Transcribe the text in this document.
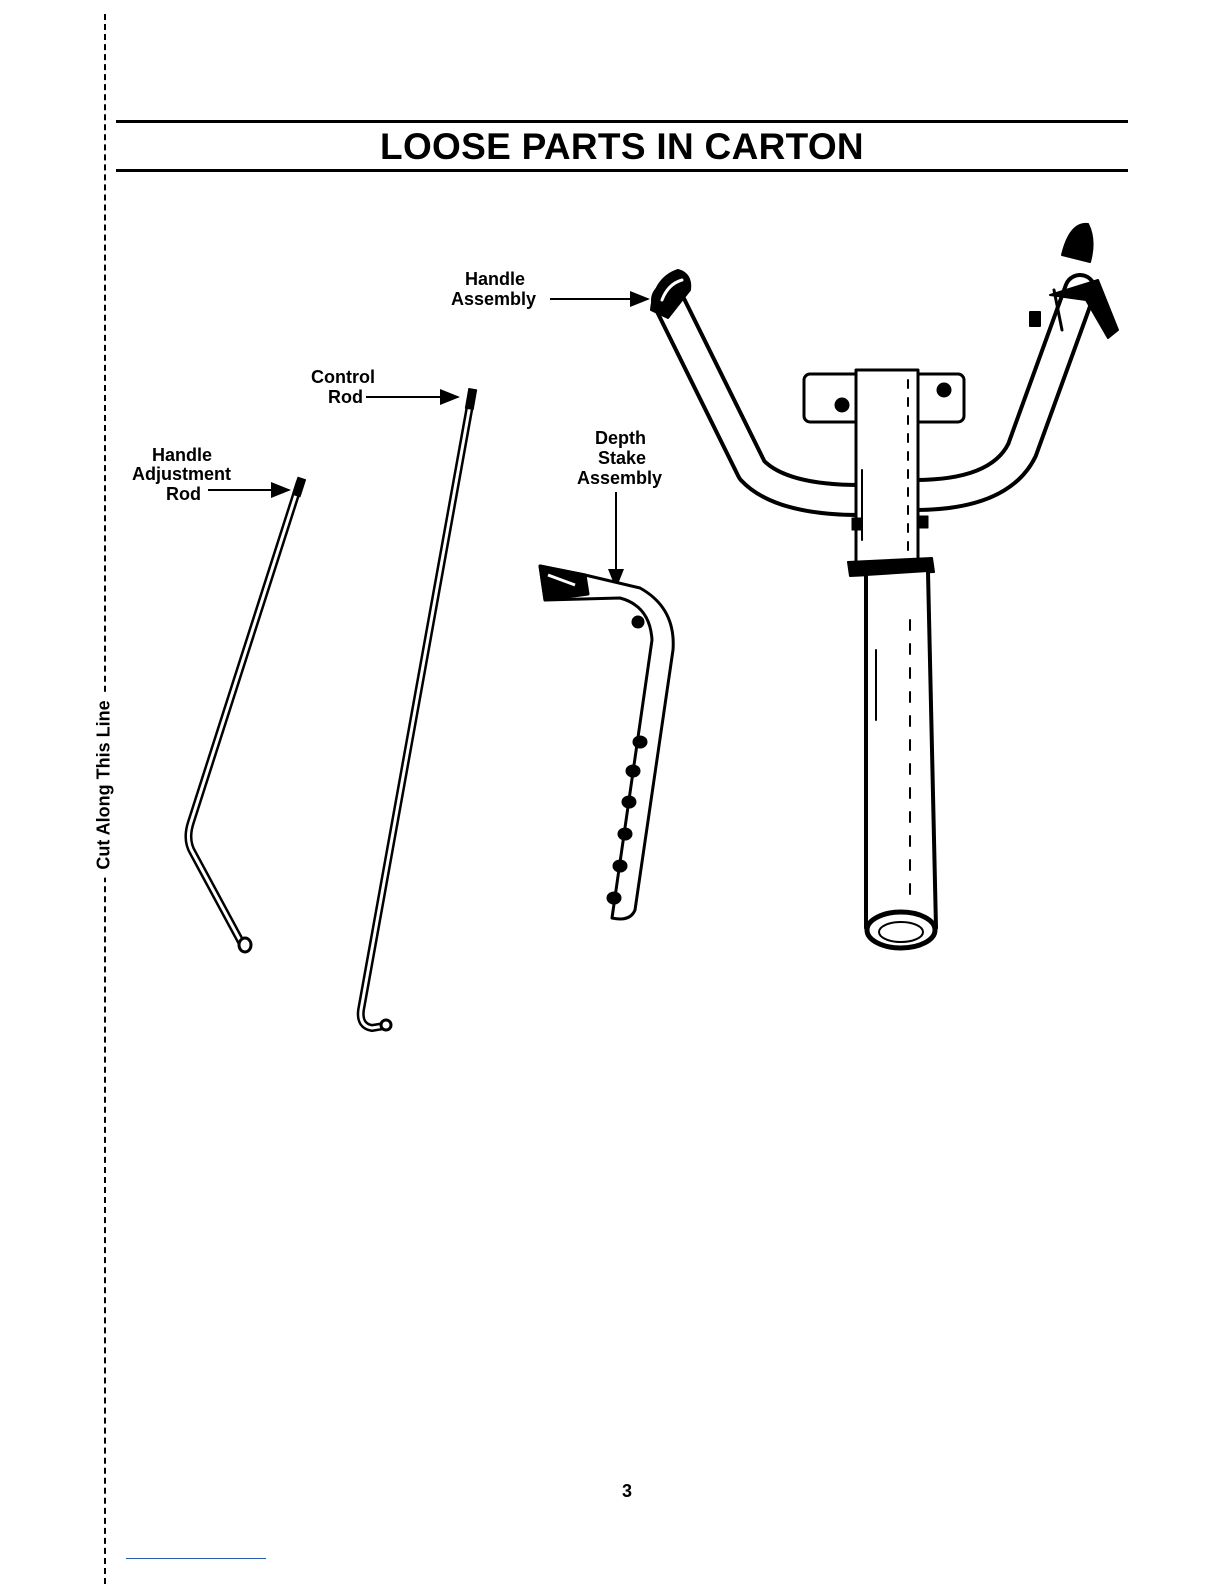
Cut Along This Line
LOOSE PARTS IN CARTON
Handle
Assembly
Control
Rod
Handle
Adjustment
Rod
Depth
Stake
Assembly
3
